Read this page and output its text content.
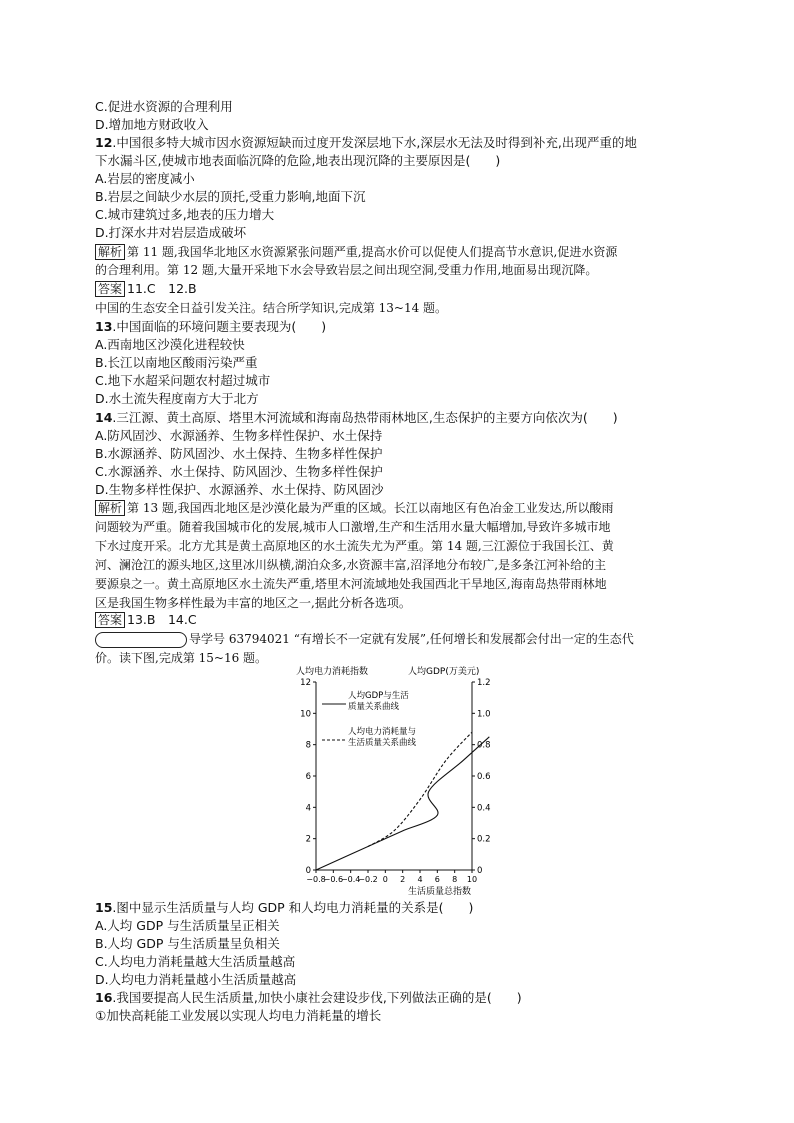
C.促进水资源的合理利用
D.增加地方财政收入
12.中国很多特大城市因水资源短缺而过度开发深层地下水,深层水无法及时得到补充,出现严重的地
下水漏斗区,使城市地表面临沉降的危险,地表出现沉降的主要原因是(　　)
A.岩层的密度减小
B.岩层之间缺少水层的顶托,受重力影响,地面下沉
C.城市建筑过多,地表的压力增大
D.打深水井对岩层造成破坏
解析 第 11 题,我国华北地区水资源紧张问题严重,提高水价可以促使人们提高节水意识,促进水资源
的合理利用。第 12 题,大量开采地下水会导致岩层之间出现空洞,受重力作用,地面易出现沉降。
答案 11.C　12.B
中国的生态安全日益引发关注。结合所学知识,完成第 13~14 题。
13.中国面临的环境问题主要表现为(　　)
A.西南地区沙漠化进程较快
B.长江以南地区酸雨污染严重
C.地下水超采问题农村超过城市
D.水土流失程度南方大于北方
14.三江源、黄土高原、塔里木河流域和海南岛热带雨林地区,生态保护的主要方向依次为(　　)
A.防风固沙、水源涵养、生物多样性保护、水土保持
B.水源涵养、防风固沙、水土保持、生物多样性保护
C.水源涵养、水土保持、防风固沙、生物多样性保护
D.生物多样性保护、水源涵养、水土保持、防风固沙
解析 第 13 题,我国西北地区是沙漠化最为严重的区域。长江以南地区有色冶金工业发达,所以酸雨
问题较为严重。随着我国城市化的发展,城市人口激增,生产和生活用水量大幅增加,导致许多城市地
下水过度开采。北方尤其是黄土高原地区的水土流失尤为严重。第 14 题,三江源位于我国长江、黄
河、澜沧江的源头地区,这里冰川纵横,湖泊众多,水资源丰富,沼泽地分布较广,是多条江河补给的主
要源泉之一。黄土高原地区水土流失严重,塔里木河流域地处我国西北干旱地区,海南岛热带雨林地
区是我国生物多样性最为丰富的地区之一,据此分析各选项。
答案 13.B　14.C
导学号 63794021 “有增长不一定就有发展”,任何增长和发展都会付出一定的生态代
价。读下图,完成第 15~16 题。
人均电力消耗指数	人均GDP(万美元)
0
2
4
6
8
10
12
0
0.2
0.4
0.6
0.8
1.0
1.2
−0.8
−0.6
−0.4
−0.2 0 2 4 6 8 10
生活质量总指数
人均GDP与生活质量关系曲线
人均电力消耗量与生活质量关系曲线
15.图中显示生活质量与人均 GDP 和人均电力消耗量的关系是(　　)
A.人均 GDP 与生活质量呈正相关
B.人均 GDP 与生活质量呈负相关
C.人均电力消耗量越大生活质量越高
D.人均电力消耗量越小生活质量越高
16.我国要提高人民生活质量,加快小康社会建设步伐,下列做法正确的是(　　)
①加快高耗能工业发展以实现人均电力消耗量的增长
